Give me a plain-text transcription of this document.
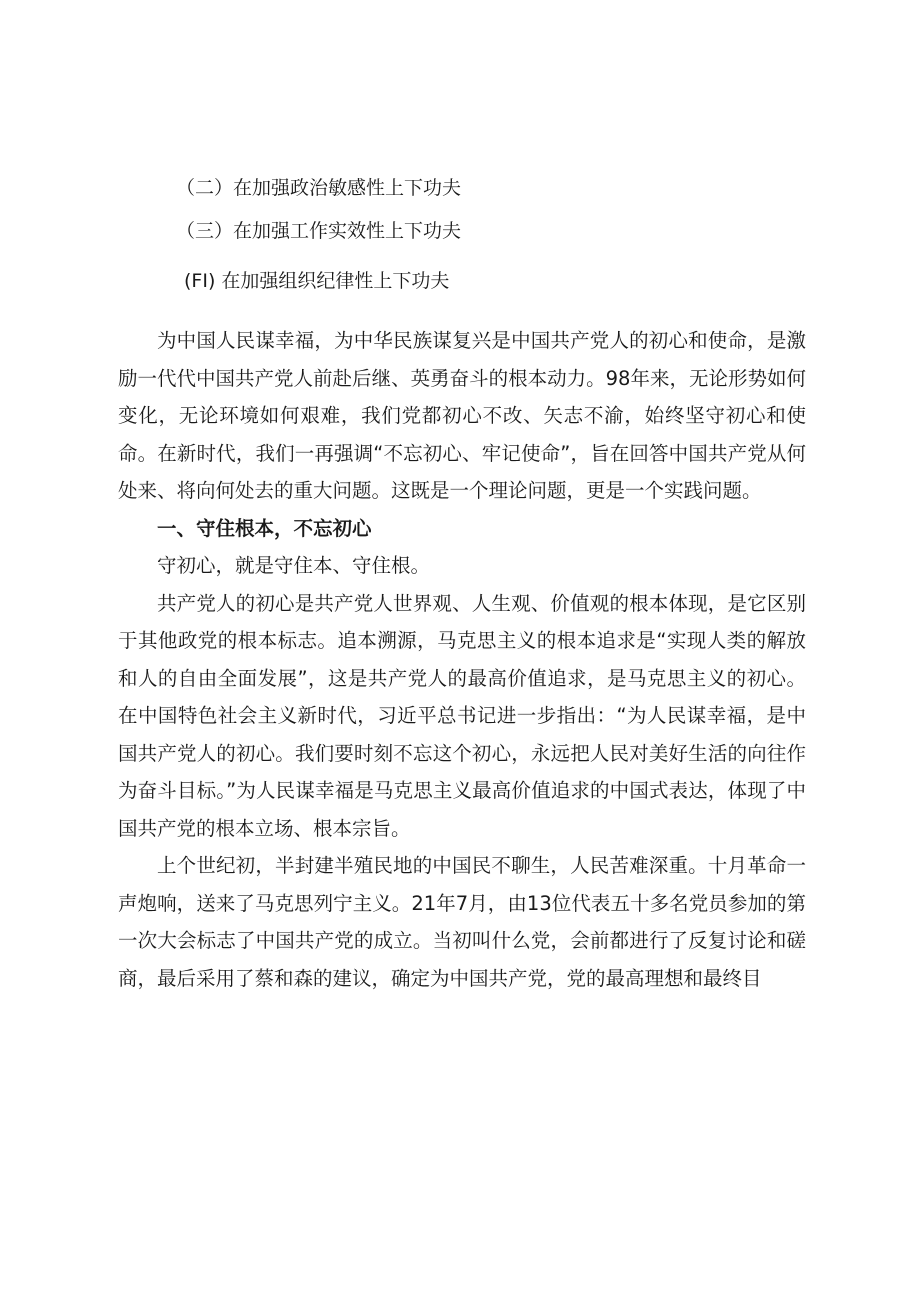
（二）在加强政治敏感性上下功夫
（三）在加强工作实效性上下功夫
(FI) 在加强组织纪律性上下功夫

为中国人民谋幸福，为中华民族谋复兴是中国共产党人的初心和使命，是激励一代代中国共产党人前赴后继、英勇奋斗的根本动力。98年来，无论形势如何变化，无论环境如何艰难，我们党都初心不改、矢志不渝，始终坚守初心和使命。在新时代，我们一再强调“不忘初心、牢记使命”，旨在回答中国共产党从何处来、将向何处去的重大问题。这既是一个理论问题，更是一个实践问题。

一、守住根本，不忘初心

守初心，就是守住本、守住根。

共产党人的初心是共产党人世界观、人生观、价值观的根本体现，是它区别于其他政党的根本标志。追本溯源，马克思主义的根本追求是“实现人类的解放和人的自由全面发展”，这是共产党人的最高价值追求，是马克思主义的初心。在中国特色社会主义新时代，习近平总书记进一步指出：“为人民谋幸福，是中国共产党人的初心。我们要时刻不忘这个初心，永远把人民对美好生活的向往作为奋斗目标。”为人民谋幸福是马克思主义最高价值追求的中国式表达，体现了中国共产党的根本立场、根本宗旨。

上个世纪初，半封建半殖民地的中国民不聊生，人民苦难深重。十月革命一声炮响，送来了马克思列宁主义。21年7月，由13位代表五十多名党员参加的第一次大会标志了中国共产党的成立。当初叫什么党，会前都进行了反复讨论和磋商，最后采用了蔡和森的建议，确定为中国共产党，党的最高理想和最终目
